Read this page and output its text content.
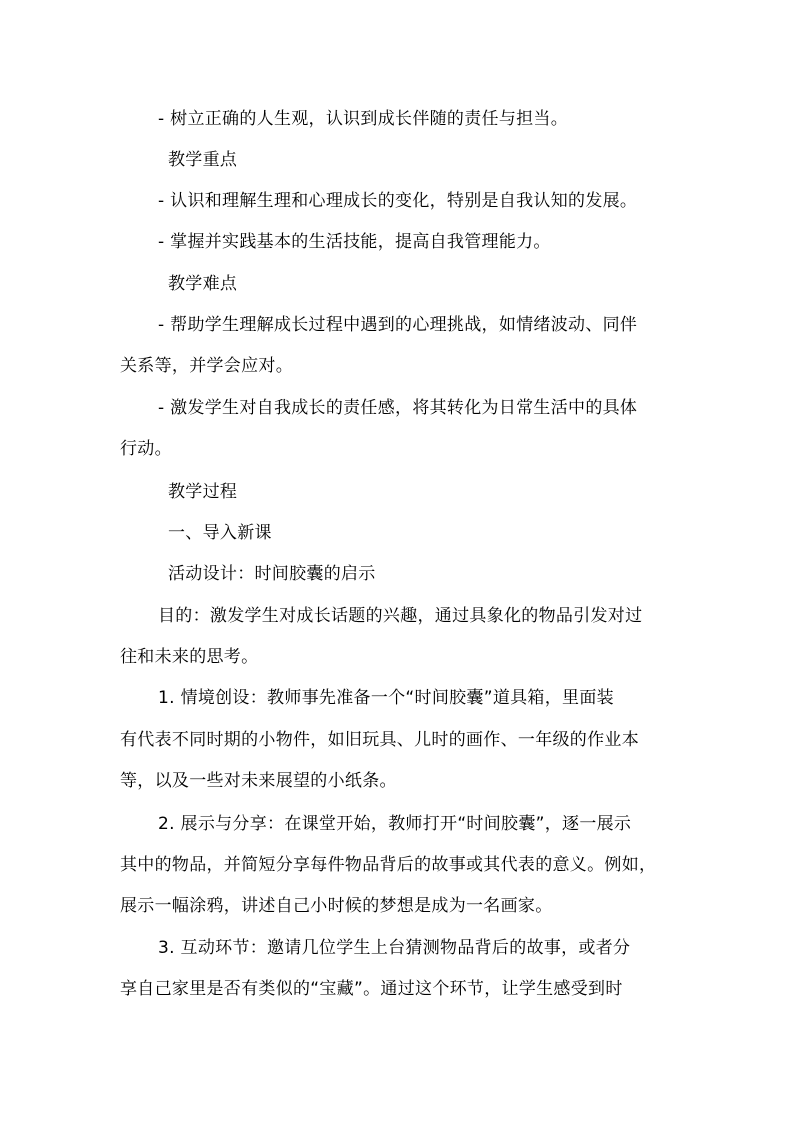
- 树立正确的人生观，认识到成长伴随的责任与担当。

教学重点

- 认识和理解生理和心理成长的变化，特别是自我认知的发展。

- 掌握并实践基本的生活技能，提高自我管理能力。

教学难点

- 帮助学生理解成长过程中遇到的心理挑战，如情绪波动、同伴

关系等，并学会应对。

- 激发学生对自我成长的责任感，将其转化为日常生活中的具体

行动。

教学过程

一、导入新课

活动设计：时间胶囊的启示

目的：激发学生对成长话题的兴趣，通过具象化的物品引发对过

往和未来的思考。

1. 情境创设：教师事先准备一个“时间胶囊”道具箱，里面装

有代表不同时期的小物件，如旧玩具、儿时的画作、一年级的作业本

等，以及一些对未来展望的小纸条。

2. 展示与分享：在课堂开始，教师打开“时间胶囊”，逐一展示

其中的物品，并简短分享每件物品背后的故事或其代表的意义。例如，

展示一幅涂鸦，讲述自己小时候的梦想是成为一名画家。

3. 互动环节：邀请几位学生上台猜测物品背后的故事，或者分

享自己家里是否有类似的“宝藏”。通过这个环节，让学生感受到时
